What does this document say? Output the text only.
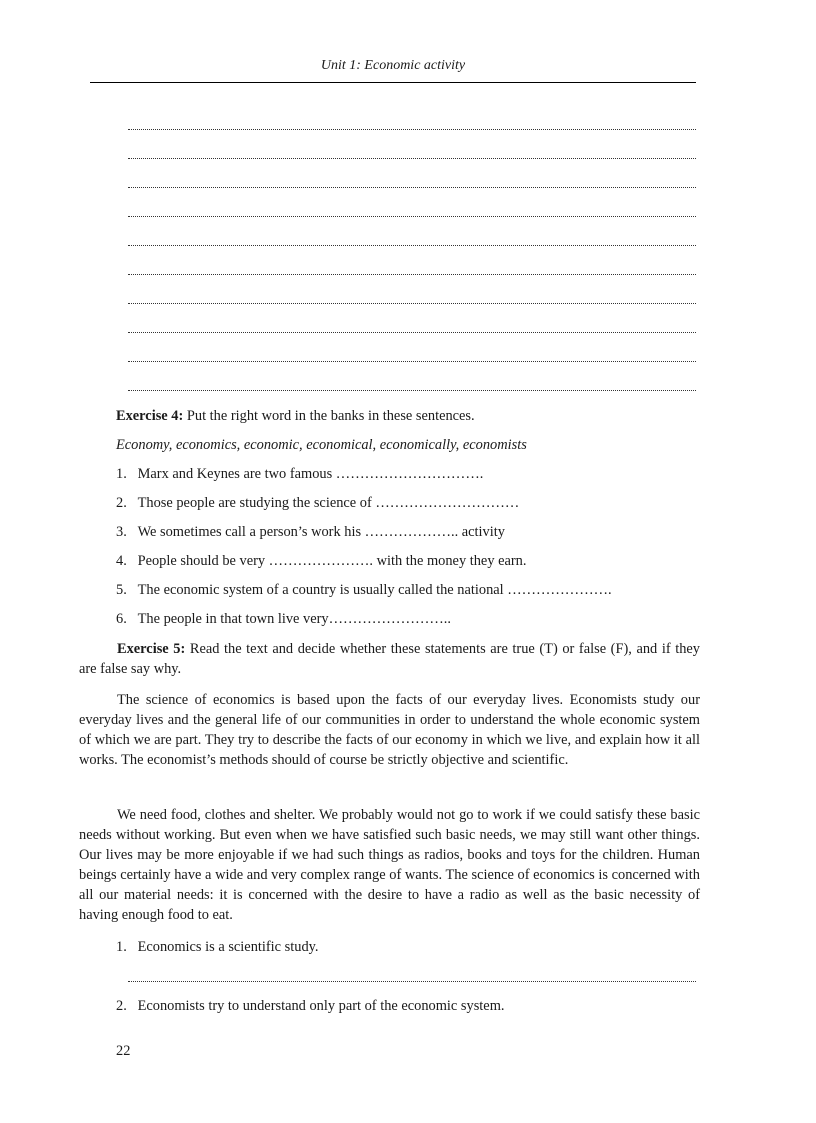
Unit 1: Economic activity
Exercise 4: Put the right word in the banks in these sentences.
Economy, economics, economic, economical, economically, economists
1. Marx and Keynes are two famous ………………………….
2. Those people are studying the science of …………………………
3. We sometimes call a person’s work his ……………….. activity
4. People should be very …………………. with the money they earn.
5. The economic system of a country is usually called the national ………………….
6. The people in that town live very……………………..
Exercise 5: Read the text and decide whether these statements are true (T) or false (F), and if they are false say why.
The science of economics is based upon the facts of our everyday lives. Economists study our everyday lives and the general life of our communities in order to understand the whole economic system of which we are part. They try to describe the facts of our economy in which we live, and explain how it all works. The economist’s methods should of course be strictly objective and scientific.
We need food, clothes and shelter. We probably would not go to work if we could satisfy these basic needs without working. But even when we have satisfied such basic needs, we may still want other things. Our lives may be more enjoyable if we had such things as radios, books and toys for the children. Human beings certainly have a wide and very complex range of wants. The science of economics is concerned with all our material needs: it is concerned with the desire to have a radio as well as the basic necessity of having enough food to eat.
1. Economics is a scientific study.
2. Economists try to understand only part of the economic system.
22
